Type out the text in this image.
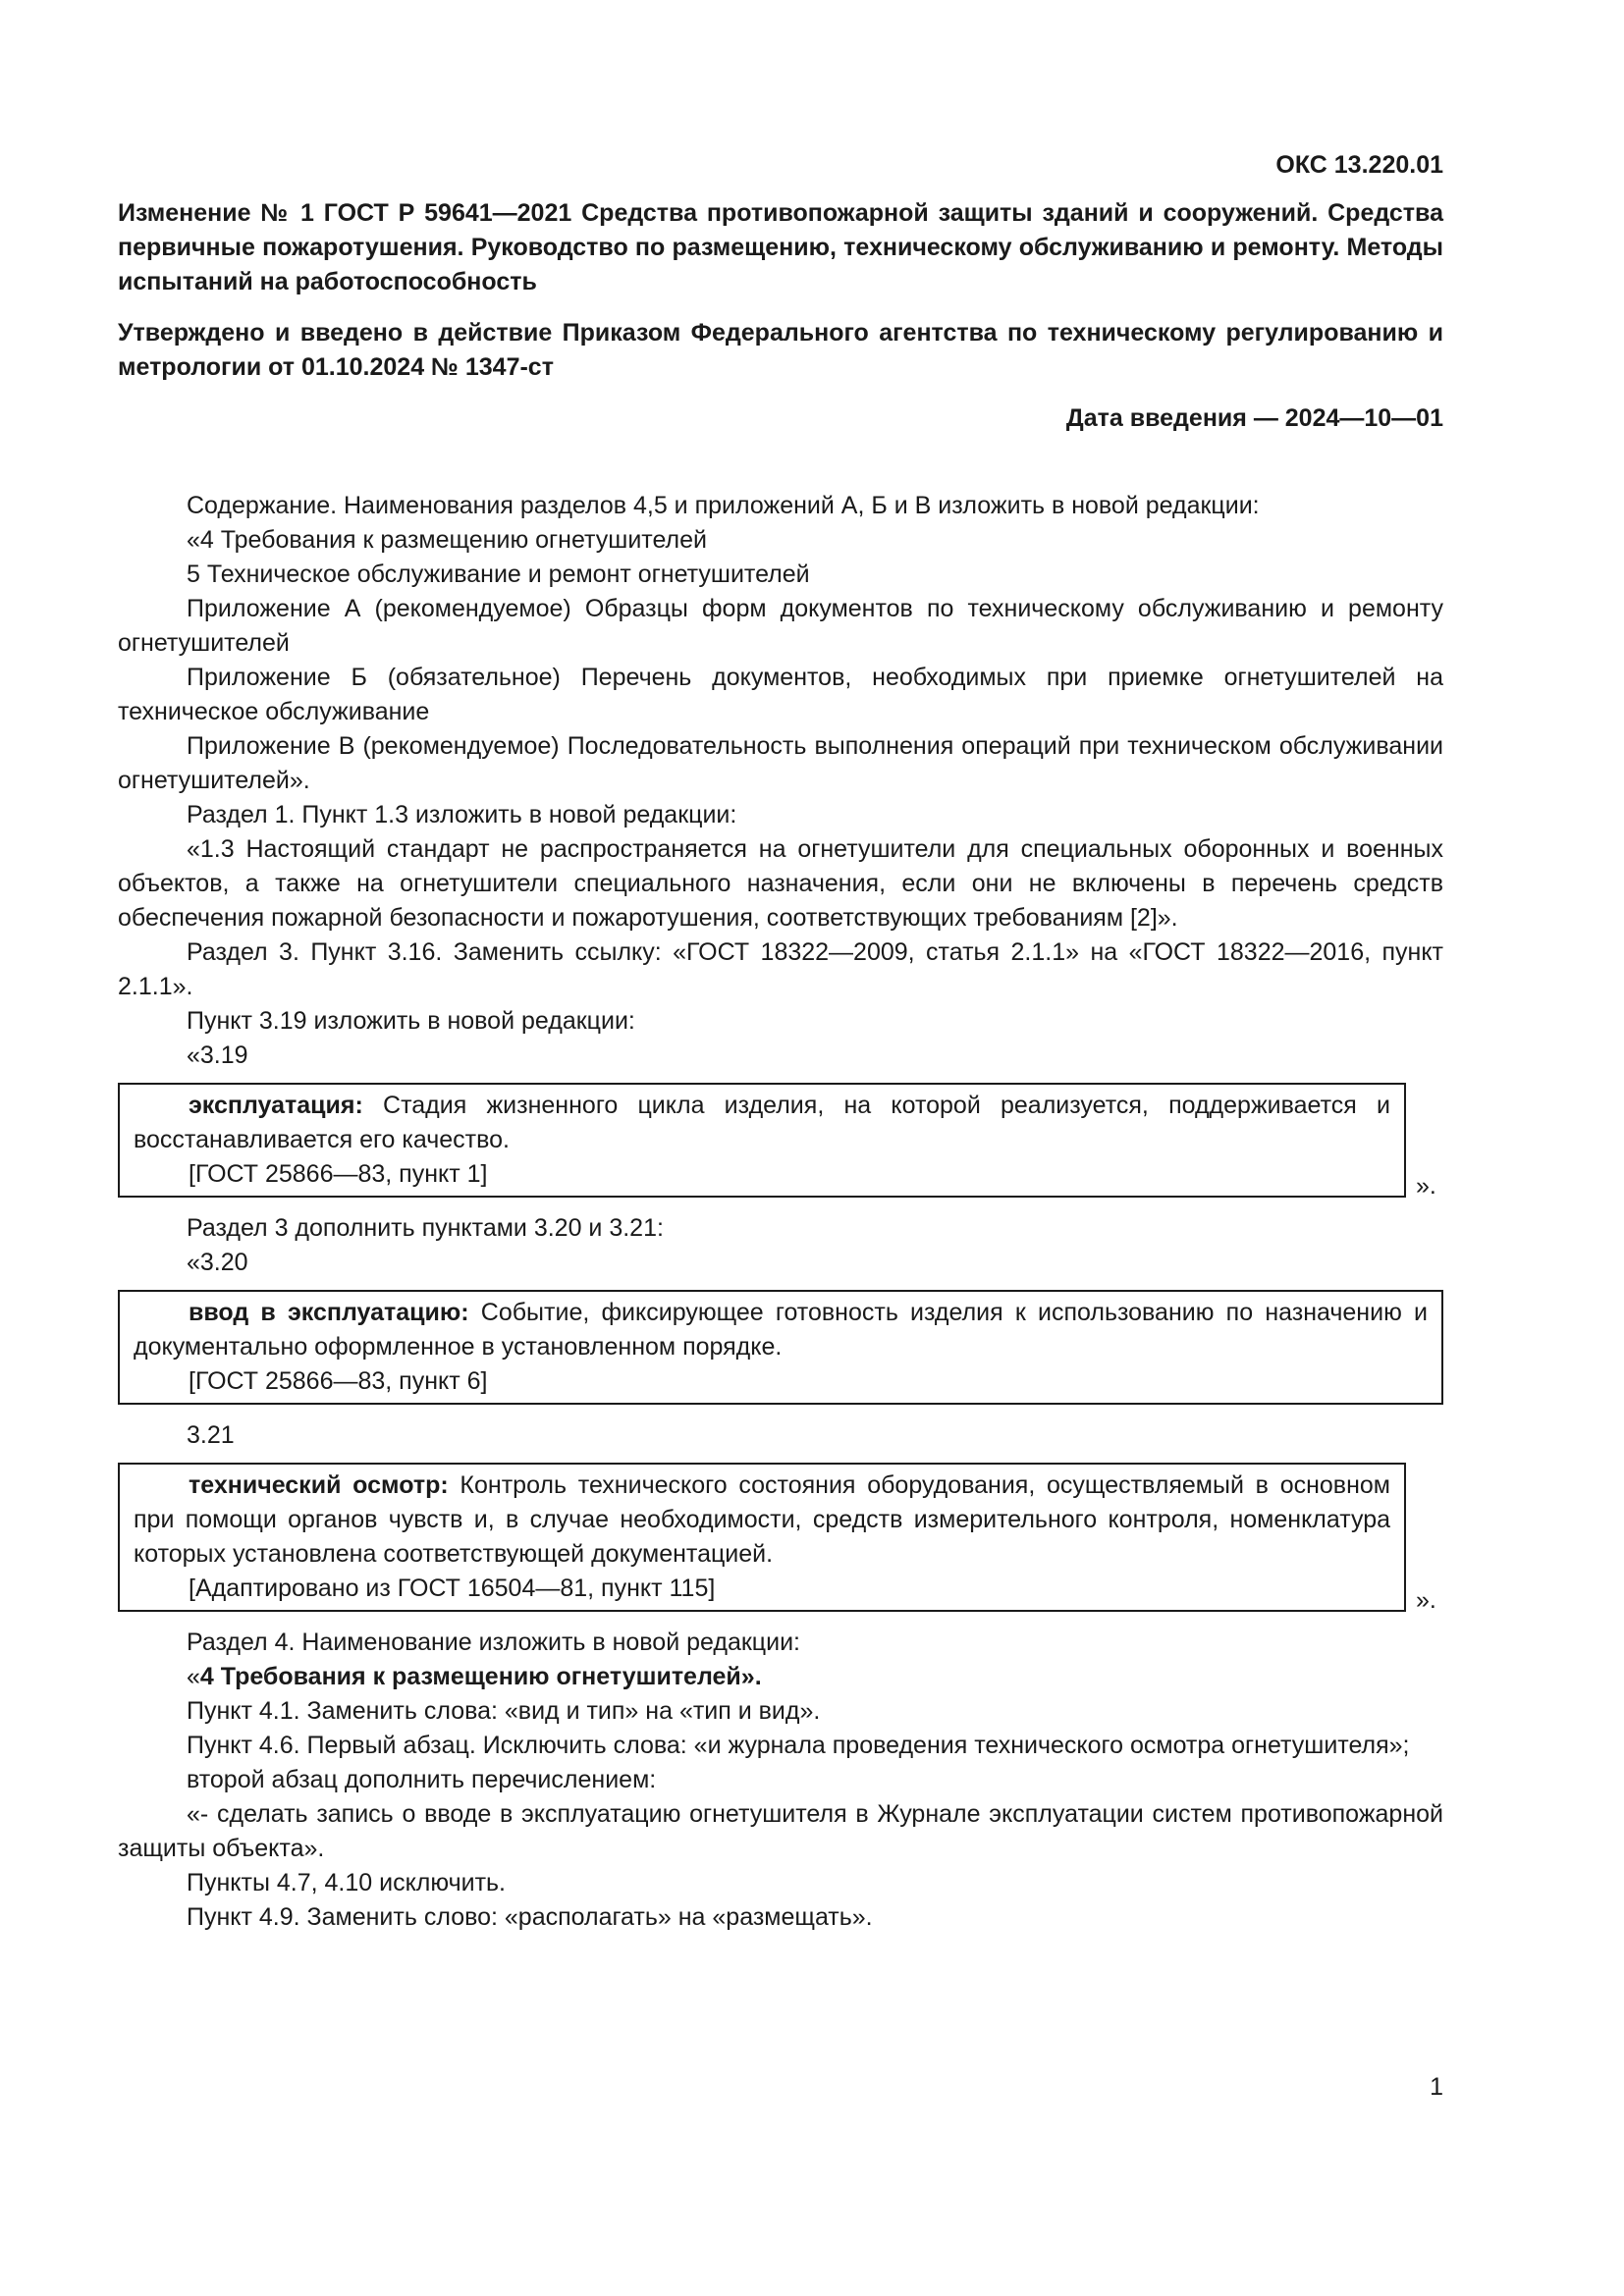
ОКС 13.220.01
Изменение № 1 ГОСТ Р 59641—2021 Средства противопожарной защиты зданий и сооружений. Средства первичные пожаротушения. Руководство по размещению, техническому обслуживанию и ремонту. Методы испытаний на работоспособность
Утверждено и введено в действие Приказом Федерального агентства по техническому регулированию и метрологии от 01.10.2024 № 1347-ст
Дата введения — 2024—10—01

Содержание. Наименования разделов 4,5 и приложений А, Б и В изложить в новой редакции:

«4 Требования к размещению огнетушителей

5 Техническое обслуживание и ремонт огнетушителей

Приложение А (рекомендуемое) Образцы форм документов по техническому обслуживанию и ремонту огнетушителей

Приложение Б (обязательное) Перечень документов, необходимых при приемке огнетушителей на техническое обслуживание

Приложение В (рекомендуемое) Последовательность выполнения операций при техническом обслуживании огнетушителей».

Раздел 1. Пункт 1.3 изложить в новой редакции:

«1.3 Настоящий стандарт не распространяется на огнетушители для специальных оборонных и военных объектов, а также на огнетушители специального назначения, если они не включены в перечень средств обеспечения пожарной безопасности и пожаротушения, соответствующих требованиям [2]».

Раздел 3. Пункт 3.16. Заменить ссылку: «ГОСТ 18322—2009, статья 2.1.1» на «ГОСТ 18322—2016, пункт 2.1.1».

Пункт 3.19 изложить в новой редакции:

«3.19

эксплуатация: Стадия жизненного цикла изделия, на которой реализуется, поддерживается и восстанавливается его качество.

[ГОСТ 25866—83, пункт 1]	».

Раздел 3 дополнить пунктами 3.20 и 3.21:

«3.20

ввод в эксплуатацию: Событие, фиксирующее готовность изделия к использованию по назначению и документально оформленное в установленном порядке.

[ГОСТ 25866—83, пункт 6]

3.21

технический осмотр: Контроль технического состояния оборудования, осуществляемый в основном при помощи органов чувств и, в случае необходимости, средств измерительного контроля, номенклатура которых установлена соответствующей документацией.

[Адаптировано из ГОСТ 16504—81, пункт 115]	».

Раздел 4. Наименование изложить в новой редакции:

«4 Требования к размещению огнетушителей».

Пункт 4.1. Заменить слова: «вид и тип» на «тип и вид».

Пункт 4.6. Первый абзац. Исключить слова: «и журнала проведения технического осмотра огнетушителя»;

второй абзац дополнить перечислением:

«- сделать запись о вводе в эксплуатацию огнетушителя в Журнале эксплуатации систем противопожарной защиты объекта».

Пункты 4.7, 4.10 исключить.

Пункт 4.9. Заменить слово: «располагать» на «размещать».

1
